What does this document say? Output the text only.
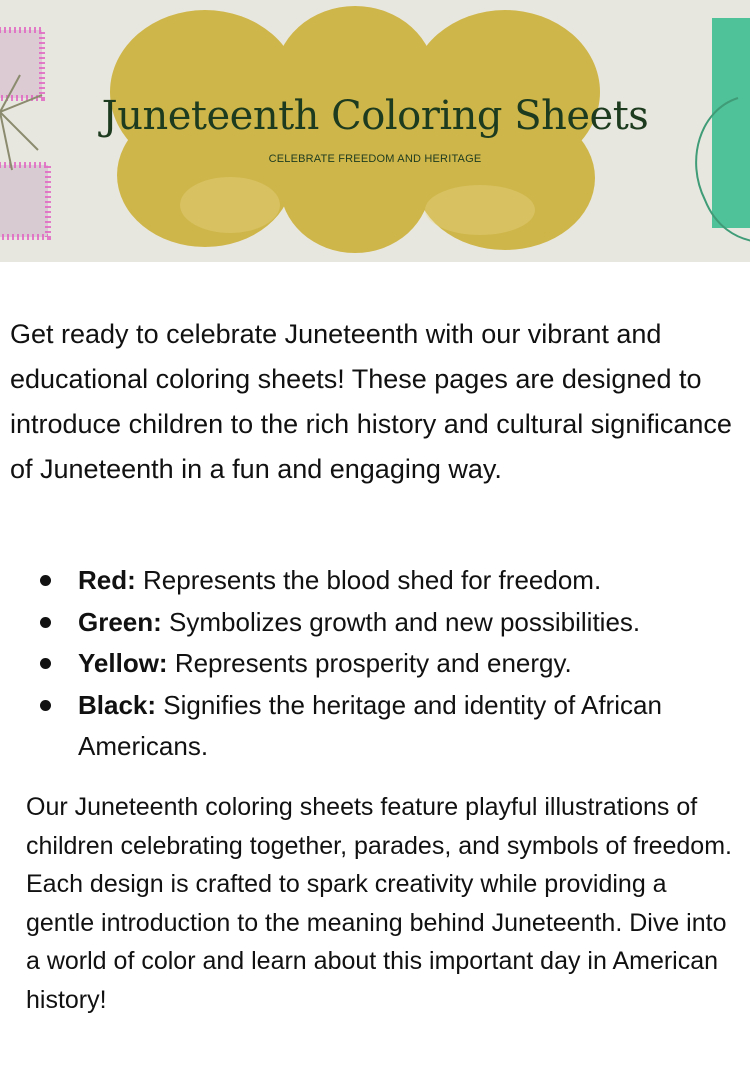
Juneteenth Coloring Sheets

CELEBRATE FREEDOM AND HERITAGE

Get ready to celebrate Juneteenth with our vibrant and educational coloring sheets! These pages are designed to introduce children to the rich history and cultural significance of Juneteenth in a fun and engaging way.

Red: Represents the blood shed for freedom.
Green: Symbolizes growth and new possibilities.
Yellow: Represents prosperity and energy.
Black: Signifies the heritage and identity of African Americans.

Our Juneteenth coloring sheets feature playful illustrations of children celebrating together, parades, and symbols of freedom. Each design is crafted to spark creativity while providing a gentle introduction to the meaning behind Juneteenth. Dive into a world of color and learn about this important day in American history!
